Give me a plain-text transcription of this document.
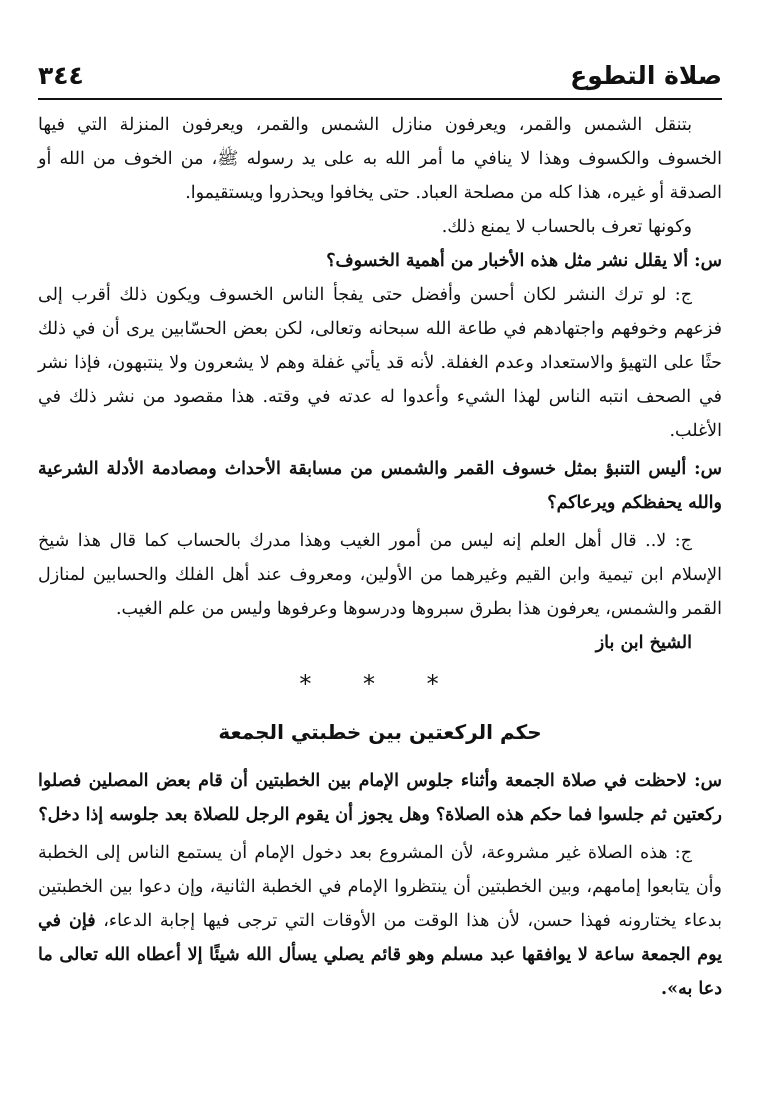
صلاة التطوع
٣٤٤

بتنقل الشمس والقمر، ويعرفون منازل الشمس والقمر، ويعرفون المنزلة التي فيها الخسوف والكسوف وهذا لا ينافي ما أمر الله به على يد رسوله ﷺ، من الخوف من الله أو الصدقة أو غيره، هذا كله من مصلحة العباد. حتى يخافوا ويحذروا ويستقيموا.

وكونها تعرف بالحساب لا يمنع ذلك.

س: ألا يقلل نشر مثل هذه الأخبار من أهمية الخسوف؟

ج: لو ترك النشر لكان أحسن وأفضل حتى يفجأ الناس الخسوف ويكون ذلك أقرب إلى فزعهم وخوفهم واجتهادهم في طاعة الله سبحانه وتعالى، لكن بعض الحسّابين يرى أن في ذلك حثًا على التهيؤ والاستعداد وعدم الغفلة. لأنه قد يأتي غفلة وهم لا يشعرون ولا ينتبهون، فإذا نشر في الصحف انتبه الناس لهذا الشيء وأعدوا له عدته في وقته. هذا مقصود من نشر ذلك في الأغلب.

س: أليس التنبؤ بمثل خسوف القمر والشمس من مسابقة الأحداث ومصادمة الأدلة الشرعية والله يحفظكم ويرعاكم؟

ج: لا.. قال أهل العلم إنه ليس من أمور الغيب وهذا مدرك بالحساب كما قال هذا شيخ الإسلام ابن تيمية وابن القيم وغيرهما من الأولين، ومعروف عند أهل الفلك والحسابين لمنازل القمر والشمس، يعرفون هذا بطرق سبروها ودرسوها وعرفوها وليس من علم الغيب.

الشيخ ابن باز

* * *
حكم الركعتين بين خطبتي الجمعة

س: لاحظت في صلاة الجمعة وأثناء جلوس الإمام بين الخطبتين أن قام بعض المصلين فصلوا ركعتين ثم جلسوا فما حكم هذه الصلاة؟ وهل يجوز أن يقوم الرجل للصلاة بعد جلوسه إذا دخل؟

ج: هذه الصلاة غير مشروعة، لأن المشروع بعد دخول الإمام أن يستمع الناس إلى الخطبة وأن يتابعوا إمامهم، وبين الخطبتين أن ينتظروا الإمام في الخطبة الثانية، وإن دعوا بين الخطبتين بدعاء يختارونه فهذا حسن، لأن هذا الوقت من الأوقات التي ترجى فيها إجابة الدعاء، فإن في يوم الجمعة ساعة لا يوافقها عبد مسلم وهو قائم يصلي يسأل الله شيئًا إلا أعطاه الله تعالى ما دعا به».
